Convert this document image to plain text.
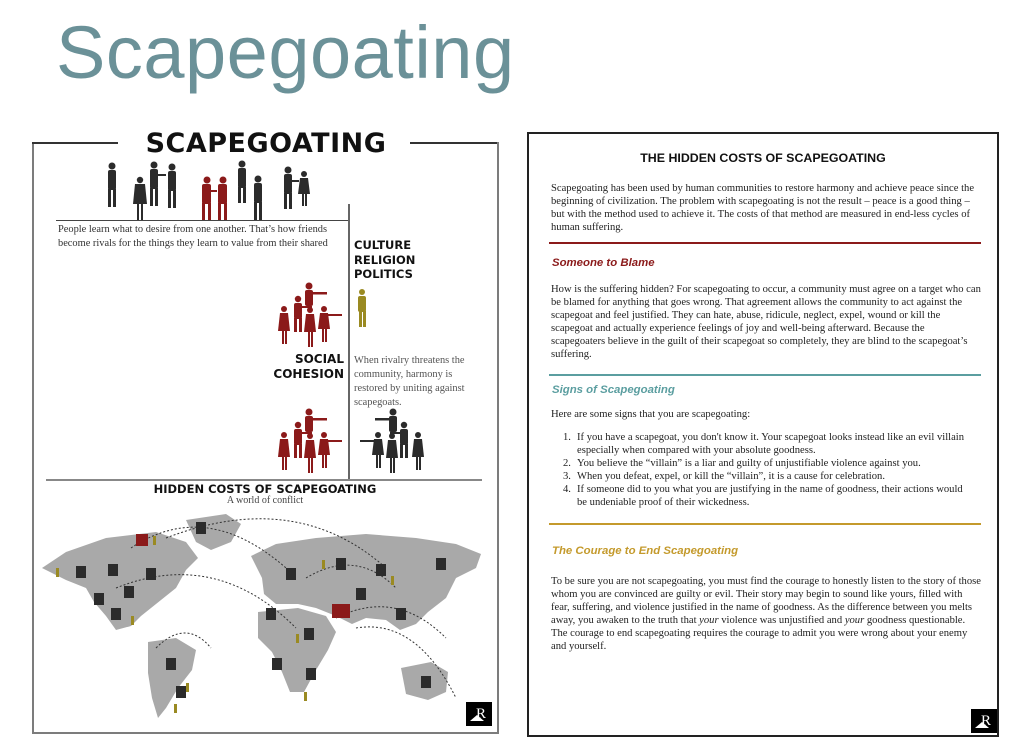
Scapegoating
SCAPEGOATING
People learn what to desire from one another. That’s how friends become rivals for the things they learn to value from their shared	CULTURE
RELIGION
POLITICS
SOCIAL
COHESION
When rivalry threatens the community, harmony is restored by uniting against scapegoats.
HIDDEN COSTS OF SCAPEGOATING
A world of conflict
R
THE HIDDEN COSTS OF SCAPEGOATING

Scapegoating has been used by human communities to restore harmony and achieve peace since the beginning of civilization. The problem with scapegoating is not the result – peace is a good thing – but with the method used to achieve it. The costs of that method are measured in end-less cycles of human suffering.

Someone to Blame

How is the suffering hidden? For scapegoating to occur, a community must agree on a target who can be blamed for anything that goes wrong. That agreement allows the community to act against the scapegoat and feel justified. They can hate, abuse, ridicule, neglect, expel, wound or kill the scapegoat and actually experience feelings of joy and well-being afterward. Because the scapegoaters believe in the guilt of their scapegoat so completely, they are blind to the scapegoat’s suffering.

Signs of Scapegoating

Here are some signs that you are scapegoating:

1. If you have a scapegoat, you don't know it. Your scapegoat looks instead like an evil villain especially when compared with your absolute goodness.
2. You believe the “villain” is a liar and guilty of unjustifiable violence against you.
3. When you defeat, expel, or kill the “villain”, it is a cause for celebration.
4. If someone did to you what you are justifying in the name of goodness, their actions would be undeniable proof of their wickedness.
The Courage to End Scapegoating

To be sure you are not scapegoating, you must find the courage to honestly listen to the story of those whom you are convinced are guilty or evil. Their story may begin to sound like yours, filled with fear, suffering, and violence justified in the name of goodness. As the difference between you melts away, you awaken to the truth that your violence was unjustified and your goodness questionable. The courage to end scapegoating requires the courage to admit you were wrong about your enemy and yourself.

R
